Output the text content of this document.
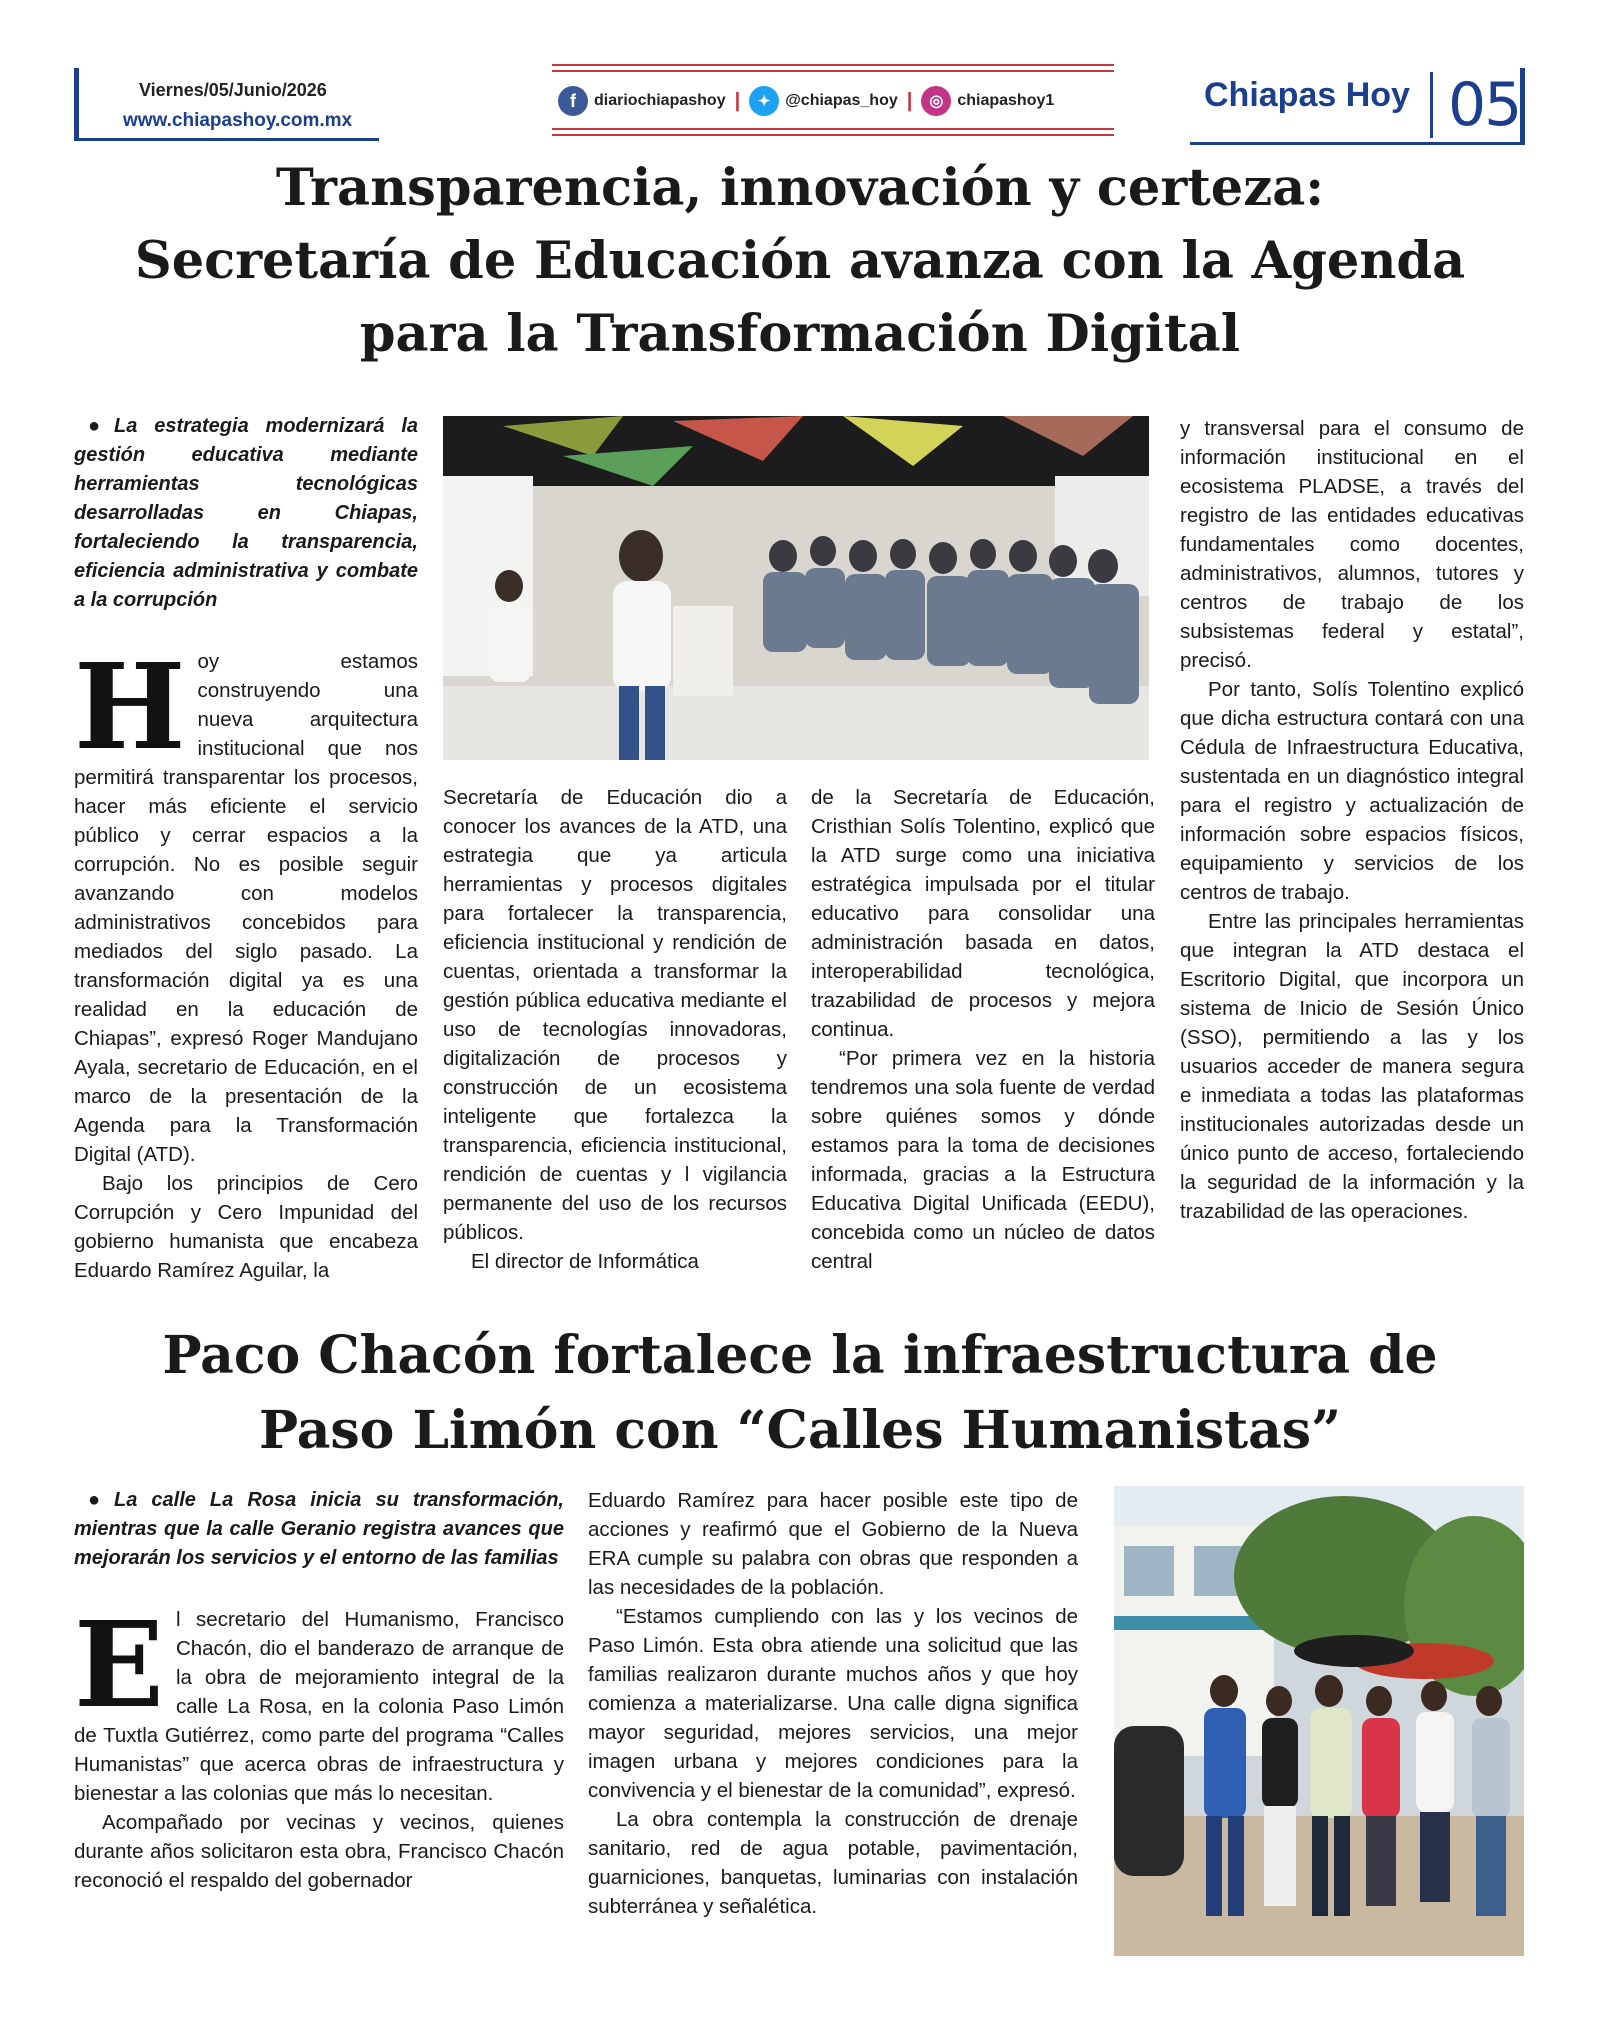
Viernes/05/Junio/2026
www.chiapashoy.com.mx
f	diariochiapashoy |	✦ @chiapas_hoy |	◎ chiapashoy1	Chiapas Hoy 05
Transparencia, innovación y certeza: Secretaría de Educación avanza con la Agenda para la Transformación Digital
● La estrategia modernizará la gestión educativa mediante herramientas tecnológicas desarrolladas en Chiapas, fortaleciendo la transparencia, eficiencia administrativa y combate a la corrupción

Hoy estamos construyendo una nueva arquitectura institucional que nos permitirá transparentar los procesos, hacer más eficiente el servicio público y cerrar espacios a la corrupción. No es posible seguir avanzando con modelos administrativos concebidos para mediados del siglo pasado. La transformación digital ya es una realidad en la educación de Chiapas”, expresó Roger Mandujano Ayala, secretario de Educación, en el marco de la presentación de la Agenda para la Transformación Digital (ATD).

Bajo los principios de Cero Corrupción y Cero Impunidad del gobierno humanista que encabeza Eduardo Ramírez Aguilar, la

Secretaría de Educación dio a conocer los avances de la ATD, una estrategia que ya articula herramientas y procesos digitales para fortalecer la transparencia, eficiencia institucional y rendición de cuentas, orientada a transformar la gestión pública educativa mediante el uso de tecnologías innovadoras, digitalización de procesos y construcción de un ecosistema inteligente que fortalezca la transparencia, eficiencia institucional, rendición de cuentas y l vigilancia permanente del uso de los recursos públicos.

El director de Informática

de la Secretaría de Educación, Cristhian Solís Tolentino, explicó que la ATD surge como una iniciativa estratégica impulsada por el titular educativo para consolidar una administración basada en datos, interoperabilidad tecnológica, trazabilidad de procesos y mejora continua.

“Por primera vez en la historia tendremos una sola fuente de verdad sobre quiénes somos y dónde estamos para la toma de decisiones informada, gracias a la Estructura Educativa Digital Unificada (EEDU), concebida como un núcleo de datos central

y transversal para el consumo de información institucional en el ecosistema PLADSE, a través del registro de las entidades educativas fundamentales como docentes, administrativos, alumnos, tutores y centros de trabajo de los subsistemas federal y estatal”, precisó.

Por tanto, Solís Tolentino explicó que dicha estructura contará con una Cédula de Infraestructura Educativa, sustentada en un diagnóstico integral para el registro y actualización de información sobre espacios físicos, equipamiento y servicios de los centros de trabajo.

Entre las principales herramientas que integran la ATD destaca el Escritorio Digital, que incorpora un sistema de Inicio de Sesión Único (SSO), permitiendo a las y los usuarios acceder de manera segura e inmediata a todas las plataformas institucionales autorizadas desde un único punto de acceso, fortaleciendo la seguridad de la información y la trazabilidad de las operaciones.

Paco Chacón fortalece la infraestructura de Paso Limón con “Calles Humanistas”
● La calle La Rosa inicia su transformación, mientras que la calle Geranio registra avances que mejorarán los servicios y el entorno de las familias

El secretario del Humanismo, Francisco Chacón, dio el banderazo de arranque de la obra de mejoramiento integral de la calle La Rosa, en la colonia Paso Limón de Tuxtla Gutiérrez, como parte del programa “Calles Humanistas” que acerca obras de infraestructura y bienestar a las colonias que más lo necesitan.

Acompañado por vecinas y vecinos, quienes durante años solicitaron esta obra, Francisco Chacón reconoció el respaldo del gobernador

Eduardo Ramírez para hacer posible este tipo de acciones y reafirmó que el Gobierno de la Nueva ERA cumple su palabra con obras que responden a las necesidades de la población.

“Estamos cumpliendo con las y los vecinos de Paso Limón. Esta obra atiende una solicitud que las familias realizaron durante muchos años y que hoy comienza a materializarse. Una calle digna significa mayor seguridad, mejores servicios, una mejor imagen urbana y mejores condiciones para la convivencia y el bienestar de la comunidad”, expresó.

La obra contempla la construcción de drenaje sanitario, red de agua potable, pavimentación, guarniciones, banquetas, luminarias con instalación subterránea y señalética.
